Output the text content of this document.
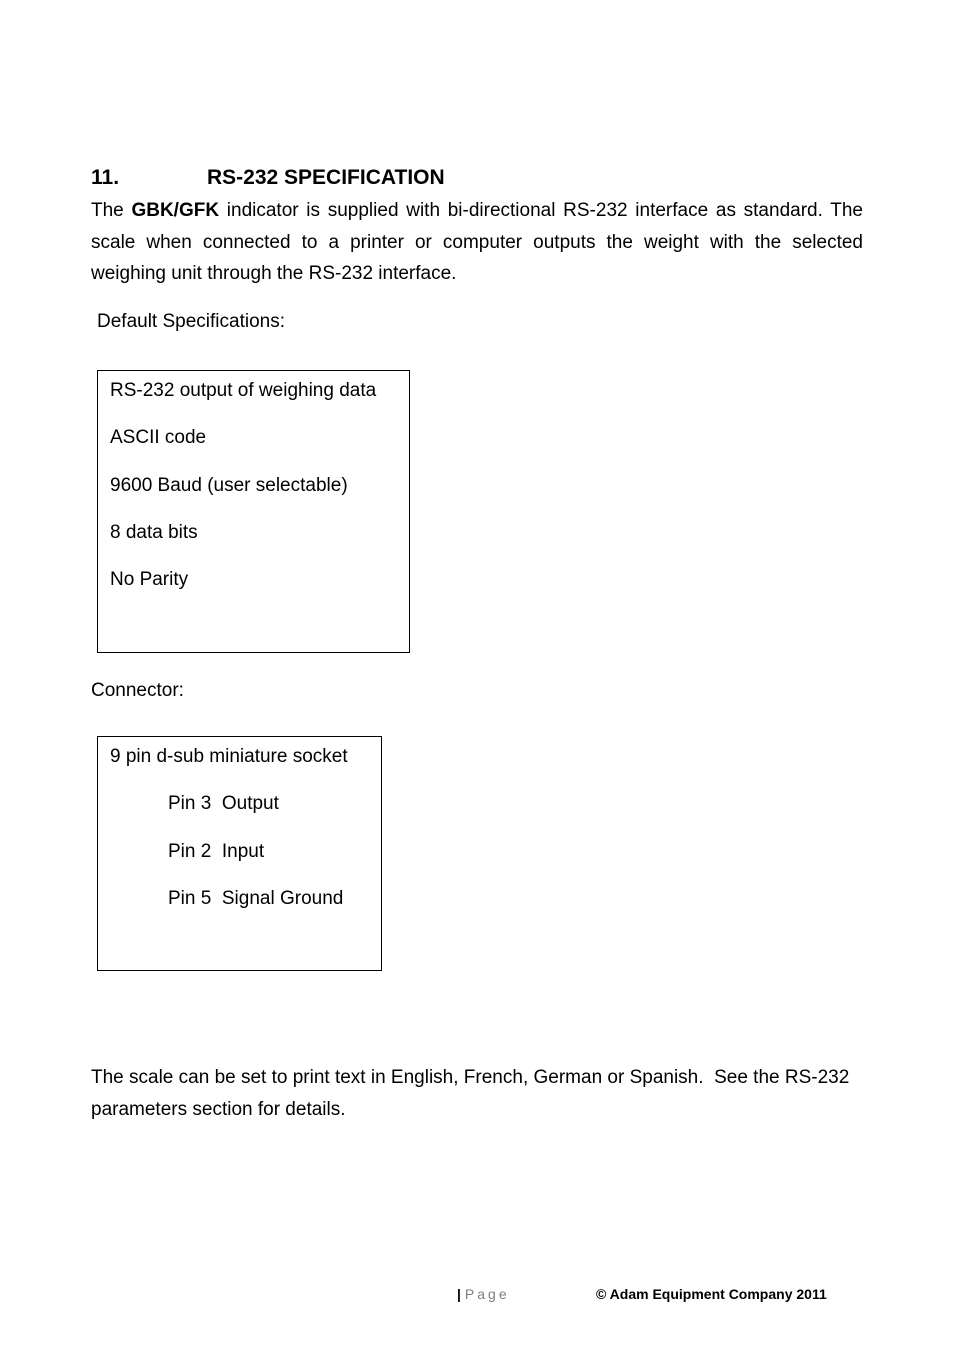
11.	RS-232 SPECIFICATION
The GBK/GFK indicator is supplied with bi-directional RS-232 interface as standard. The scale when connected to a printer or computer outputs the weight with the selected weighing unit through the RS-232 interface.
Default Specifications:
RS-232 output of weighing data
ASCII code
9600 Baud (user selectable)
8 data bits
No Parity
Connector:
9 pin d-sub miniature socket
Pin 3  Output
Pin 2  Input
Pin 5  Signal Ground
The scale can be set to print text in English, French, German or Spanish.  See the RS-232 parameters section for details.
| Page	© Adam Equipment Company 2011
